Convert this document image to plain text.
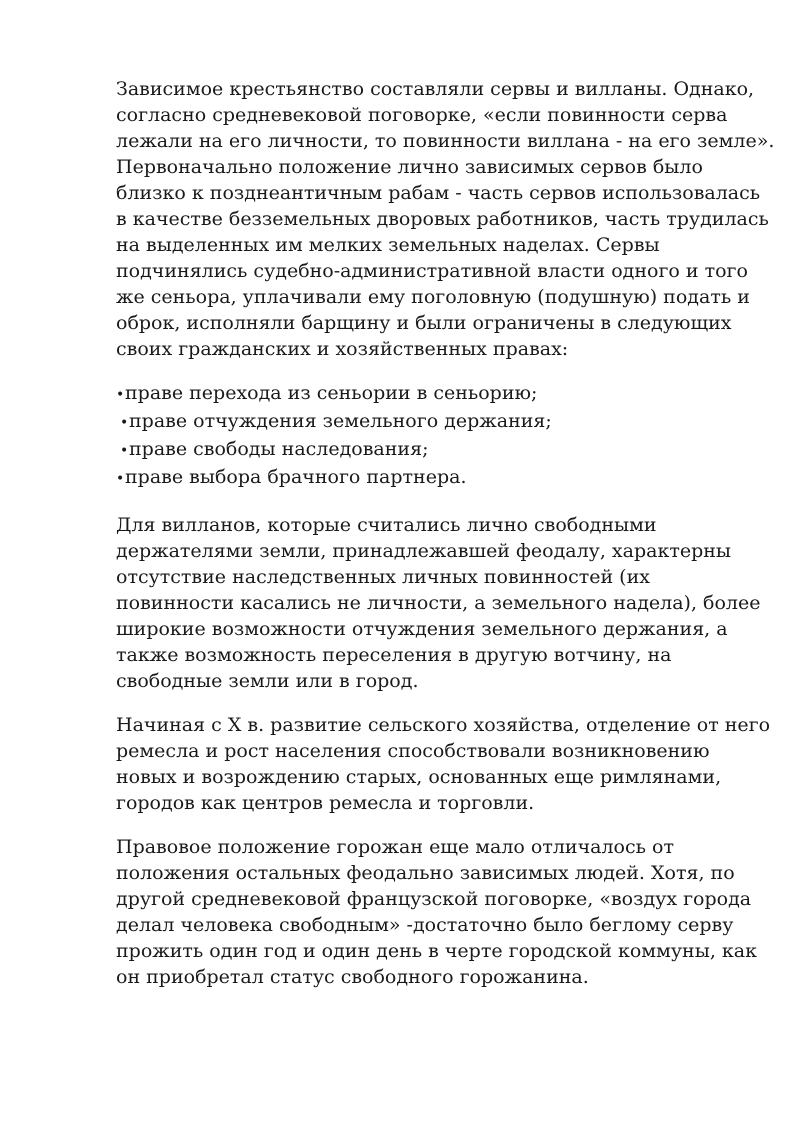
Зависимое крестьянство составляли сервы и вилланы. Однако,
согласно средневековой поговорке, «если повинности серва
лежали на его личности, то повинности виллана - на его земле».
Первоначально положение лично зависимых сервов было
близко к позднеантичным рабам - часть сервов использовалась
в качестве безземельных дворовых работников, часть трудилась
на выделенных им мелких земельных наделах. Сервы
подчинялись судебно-административной власти одного и того
же сеньора, уплачивали ему поголовную (подушную) подать и
оброк, исполняли барщину и были ограничены в следующих
своих гражданских и хозяйственных правах:

•праве перехода из сеньории в сеньорию;
•праве отчуждения земельного держания;
•праве свободы наследования;
•праве выбора брачного партнера.

Для вилланов, которые считались лично свободными
держателями земли, принадлежавшей феодалу, характерны
отсутствие наследственных личных повинностей (их
повинности касались не личности, а земельного надела), более
широкие возможности отчуждения земельного держания, а
также возможность переселения в другую вотчину, на
свободные земли или в город.

Начиная с X в. развитие сельского хозяйства, отделение от него
ремесла и рост населения способствовали возникновению
новых и возрождению старых, основанных еще римлянами,
городов как центров ремесла и торговли.

Правовое положение горожан еще мало отличалось от
положения остальных феодально зависимых людей. Хотя, по
другой средневековой французской поговорке, «воздух города
делал человека свободным» -достаточно было беглому серву
прожить один год и один день в черте городской коммуны, как
он приобретал статус свободного горожанина.
